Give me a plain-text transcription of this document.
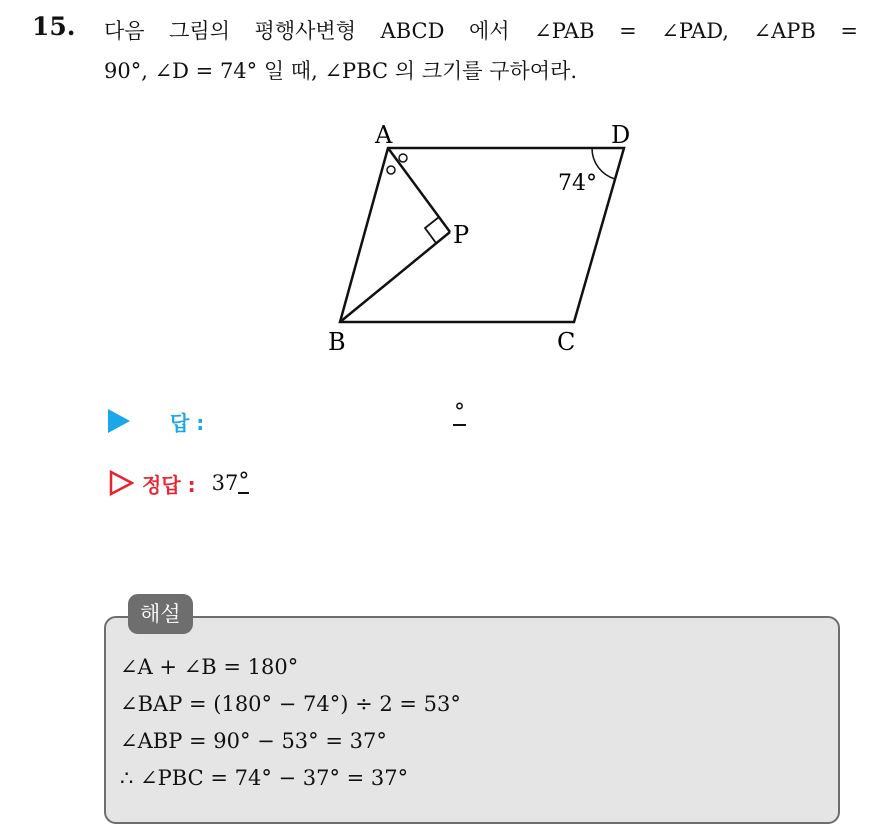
15. 다음 그림의 평행사변형 ABCD 에서 ∠PAB = ∠PAD, ∠APB =
90°, ∠D = 74° 일 때, ∠PBC 의 크기를 구하여라.
A	D
P
B	C
74°
답 :	°
정답 : 37 °
해설
∠A + ∠B = 180°
∠BAP = (180° − 74°) ÷ 2 = 53°
∠ABP = 90° − 53° = 37°
∴ ∠PBC = 74° − 37° = 37°
